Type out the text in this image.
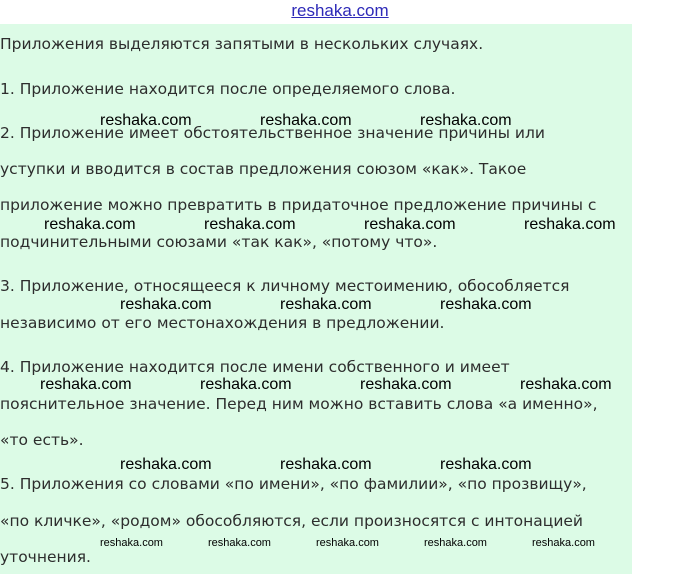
reshaka.com

Приложения выделяются запятыми в нескольких случаях.

1. Приложение находится после определяемого слова.

2. Приложение имеет обстоятельственное значение причины или

уступки и вводится в состав предложения союзом «как». Такое

приложение можно превратить в придаточное предложение причины с

подчинительными союзами «так как», «потому что».

3. Приложение, относящееся к личному местоимению, обособляется

независимо от его местонахождения в предложении.

4. Приложение находится после имени собственного и имеет

пояснительное значение. Перед ним можно вставить слова «а именно»,

«то есть».

5. Приложения со словами «по имени», «по фамилии», «по прозвищу»,

«по кличке», «родом» обособляются, если произносятся с интонацией

уточнения.

reshaka.com	reshaka.com	reshaka.com
reshaka.com	reshaka.com	reshaka.com	reshaka.com
reshaka.com	reshaka.com	reshaka.com
reshaka.com	reshaka.com	reshaka.com	reshaka.com
reshaka.com	reshaka.com	reshaka.com
reshaka.com	reshaka.com	reshaka.com	reshaka.com	reshaka.com
